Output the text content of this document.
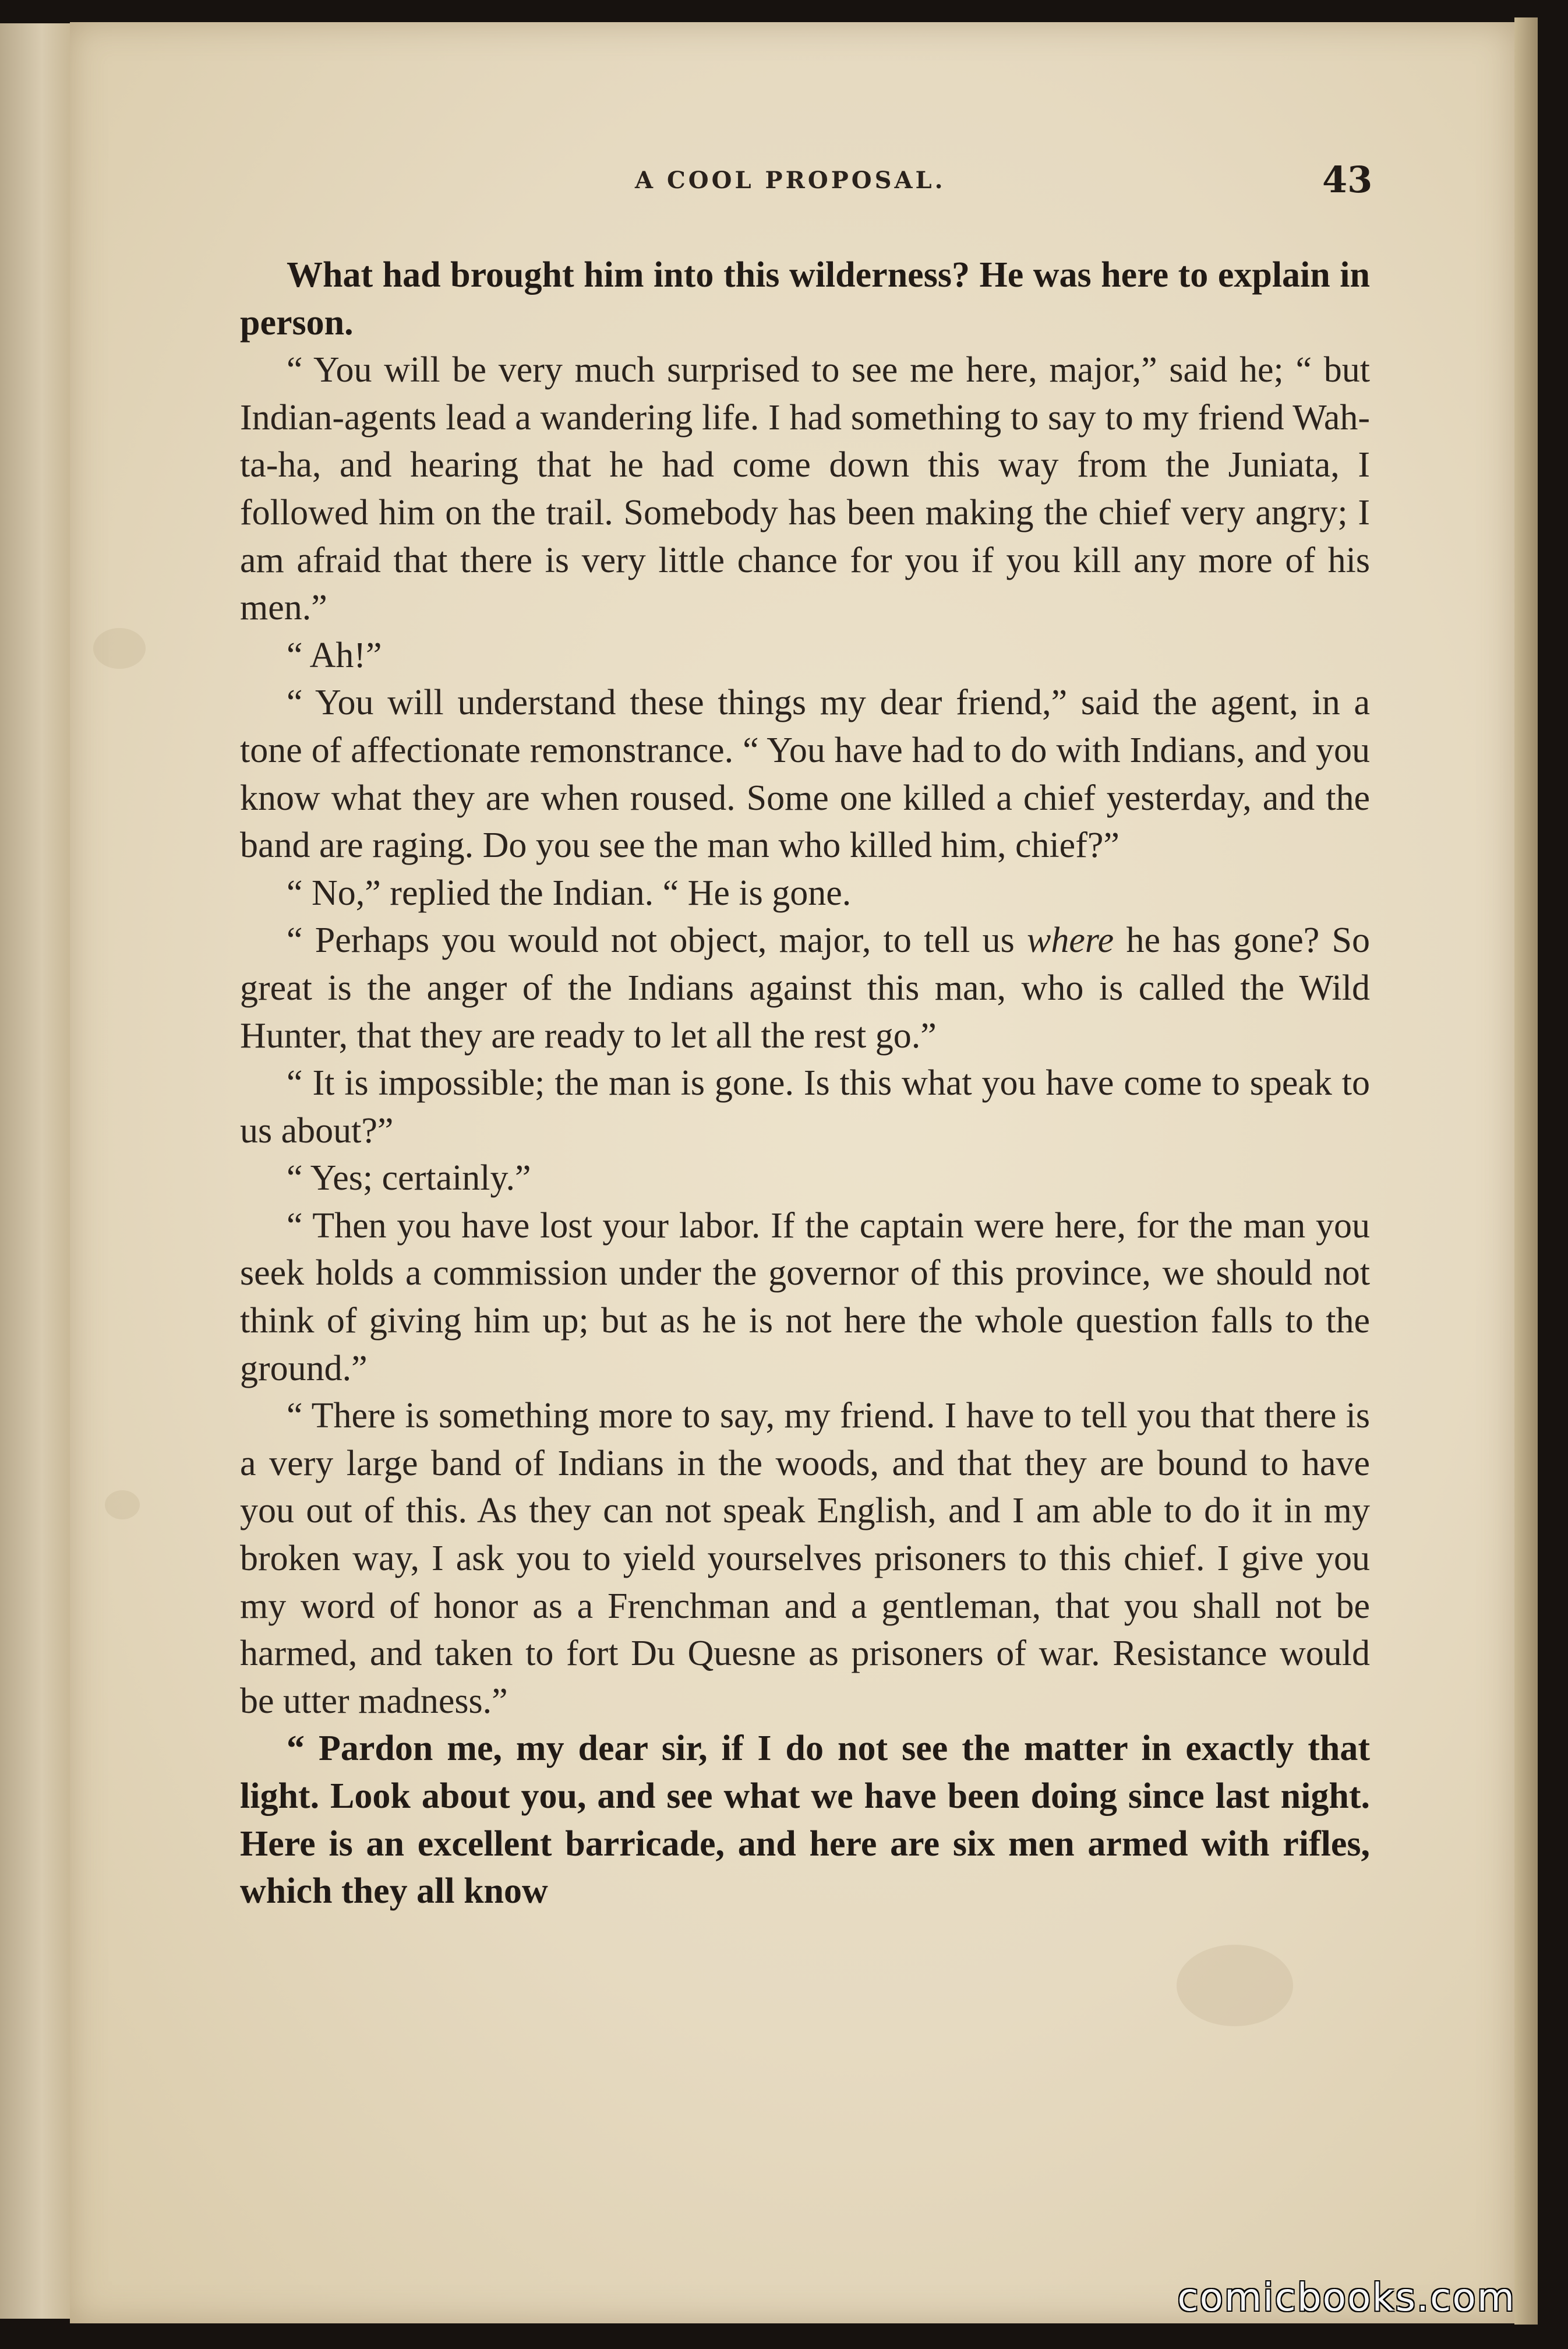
A COOL PROPOSAL.	43

What had brought him into this wilderness? He was here to explain in person.

“ You will be very much surprised to see me here, major,” said he; “ but Indian-agents lead a wandering life. I had something to say to my friend Wah-ta-ha, and hearing that he had come down this way from the Juniata, I followed him on the trail. Somebody has been making the chief very angry; I am afraid that there is very little chance for you if you kill any more of his men.”

“ Ah!”

“ You will understand these things my dear friend,” said the agent, in a tone of affectionate remonstrance. “ You have had to do with Indians, and you know what they are when roused. Some one killed a chief yesterday, and the band are raging. Do you see the man who killed him, chief?”

“ No,” replied the Indian. “ He is gone.

“ Perhaps you would not object, major, to tell us where he has gone? So great is the anger of the Indians against this man, who is called the Wild Hunter, that they are ready to let all the rest go.”

“ It is impossible; the man is gone. Is this what you have come to speak to us about?”

“ Yes; certainly.”

“ Then you have lost your labor. If the captain were here, for the man you seek holds a commission under the governor of this province, we should not think of giving him up; but as he is not here the whole question falls to the ground.”

“ There is something more to say, my friend. I have to tell you that there is a very large band of Indians in the woods, and that they are bound to have you out of this. As they can not speak English, and I am able to do it in my broken way, I ask you to yield yourselves prisoners to this chief. I give you my word of honor as a Frenchman and a gentleman, that you shall not be harmed, and taken to fort Du Quesne as prisoners of war. Resistance would be utter madness.”

“ Pardon me, my dear sir, if I do not see the matter in exactly that light. Look about you, and see what we have been doing since last night. Here is an excellent barricade, and here are six men armed with rifles, which they all know

comicbooks.com
